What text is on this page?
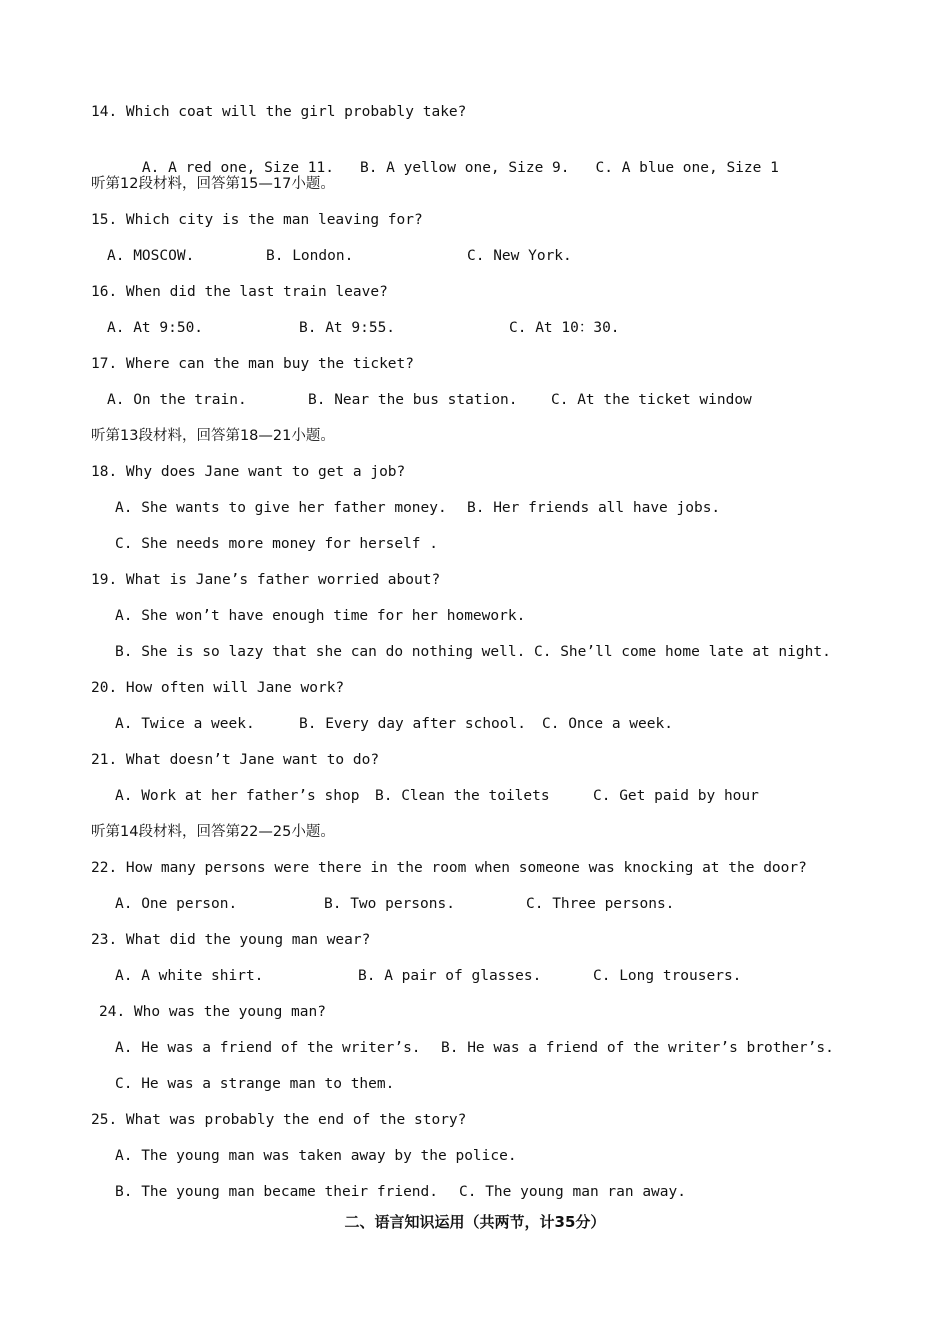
14. Which coat will the girl probably take?

A. A red one, Size 11. B. A yellow one, Size 9. C. A blue one, Size 1

听第12段材料，回答第15—17小题。
15. Which city is the man leaving for?
A. MOSCOW.	B. London.	C. New York.
16. When did the last train leave?
A. At 9:50.	B. At 9:55.	C. At 10：30.
17. Where can the man buy the ticket?
A. On the train.	B. Near the bus station. C. At the ticket window
听第13段材料，回答第18—21小题。
18. Why does Jane want to get a job?
A. She wants to give her father money. B. Her friends all have jobs.
C. She needs more money for herself .
19. What is Jane’s father worried about?
A. She won’t have enough time for her homework.
B. She is so lazy that she can do nothing well. C. She’ll come home late at night.
20. How often will Jane work?
A. Twice a week.	B. Every day after school. C. Once a week.
21. What doesn’t Jane want to do?
A. Work at her father’s shop B. Clean the toilets	C. Get paid by hour
听第14段材料，回答第22—25小题。
22. How many persons were there in the room when someone was knocking at the door?
A. One person.	B. Two persons.	C. Three persons.
23. What did the young man wear?
A. A white shirt.	B. A pair of glasses.	C. Long trousers.
24. Who was the young man?
A. He was a friend of the writer’s. B. He was a friend of the writer’s brother’s.
C. He was a strange man to them.
25. What was probably the end of the story?
A. The young man was taken away by the police.
B. The young man became their friend. C. The young man ran away.
二、语言知识运用（共两节，计35分）
